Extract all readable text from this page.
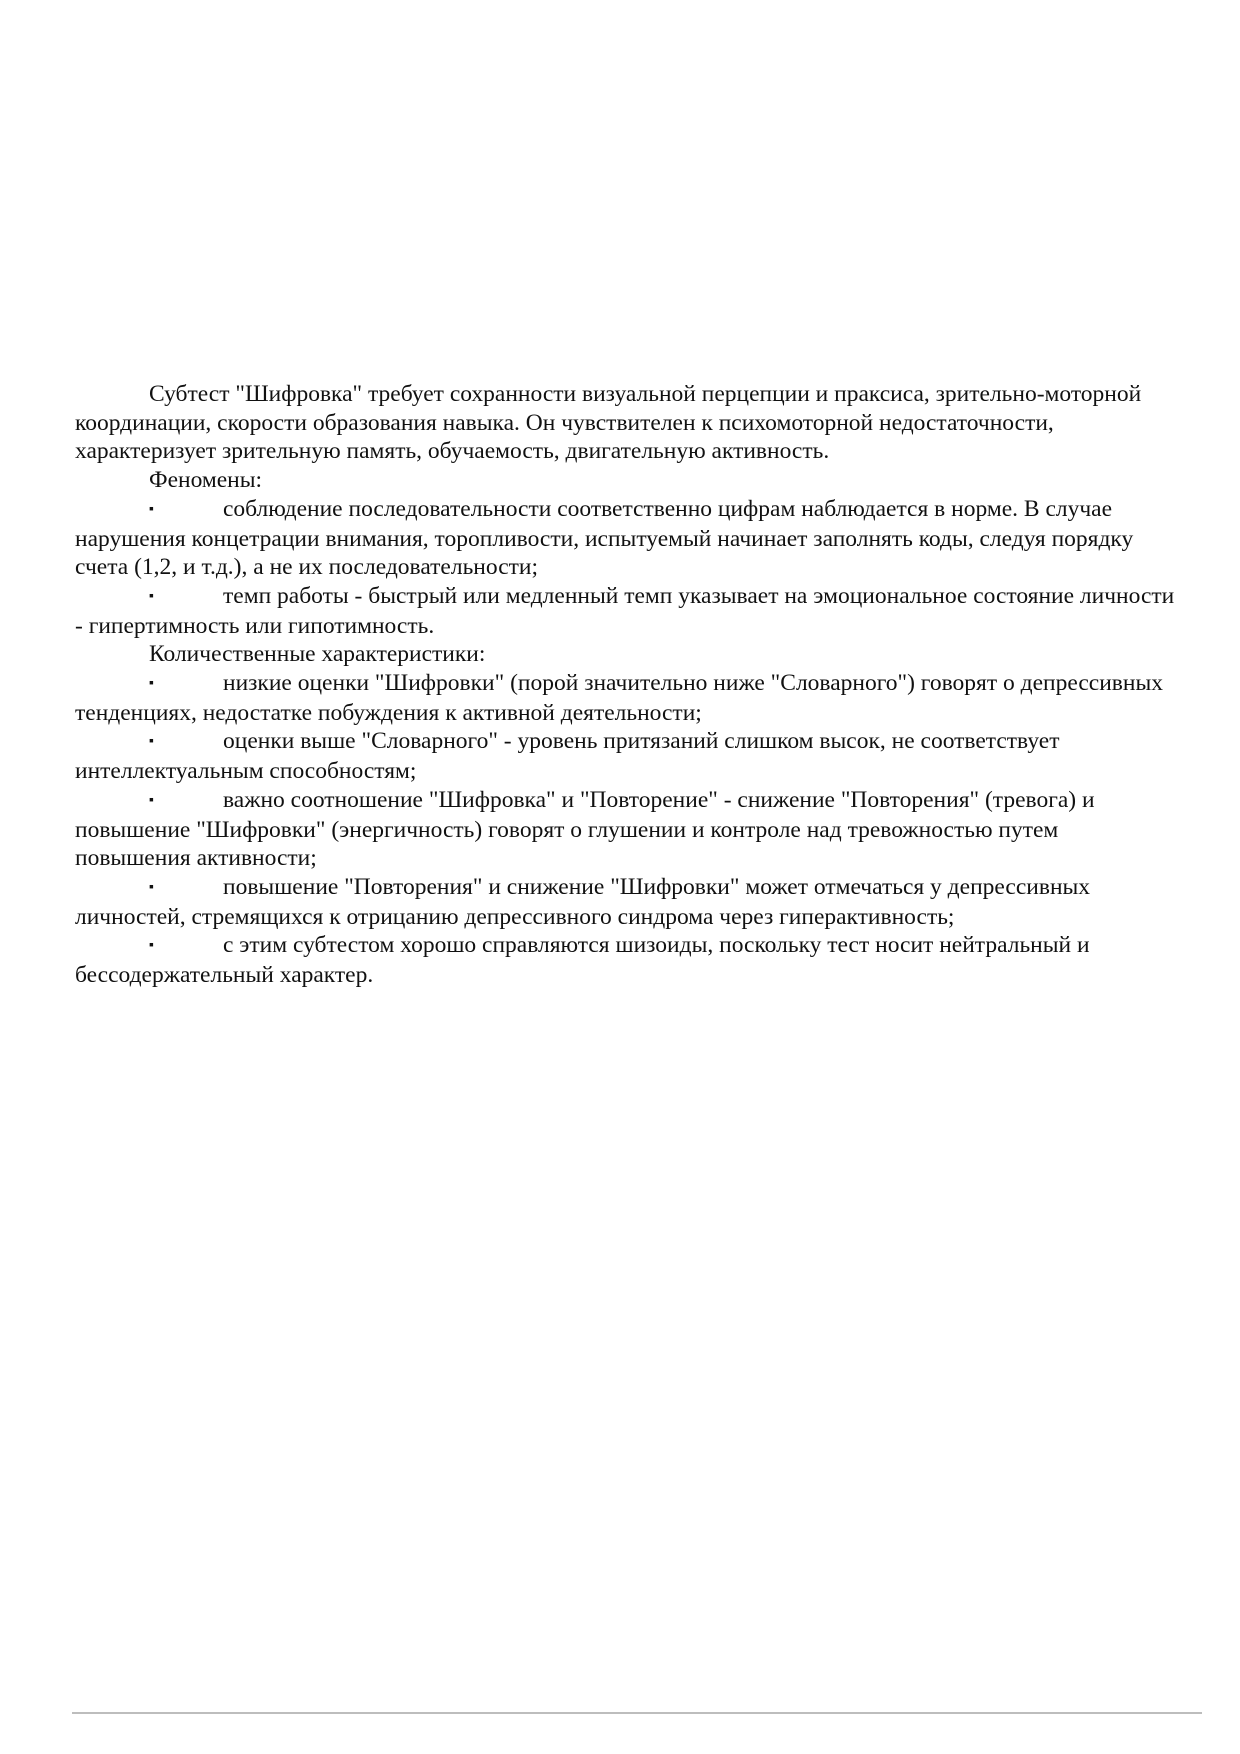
Субтест "Шифровка" требует сохранности визуальной перцепции и праксиса, зрительно-моторной координации, скорости образования навыка. Он чувствителен к психомоторной недостаточности, характеризует зрительную память, обучаемость, двигательную активность.

Феномены:

▪	соблюдение последовательности соответственно цифрам наблюдается в норме. В случае нарушения концетрации внимания, торопливости, испытуемый начинает заполнять коды, следуя порядку счета (1,2, и т.д.), а не их последовательности;

▪	темп работы - быстрый или медленный темп указывает на эмоциональное состояние личности - гипертимность или гипотимность.

Количественные характеристики:

▪	низкие оценки "Шифровки" (порой значительно ниже "Словарного") говорят о депрессивных тенденциях, недостатке побуждения к активной деятельности;

▪	оценки выше "Словарного" - уровень притязаний слишком высок, не соответствует интеллектуальным способностям;

▪	важно соотношение "Шифровка" и "Повторение" - снижение "Повторения" (тревога) и повышение "Шифровки" (энергичность) говорят о глушении и контроле над тревожностью путем повышения активности;

▪	повышение "Повторения" и снижение "Шифровки" может отмечаться у депрессивных личностей, стремящихся к отрицанию депрессивного синдрома через гиперактивность;

▪	с этим субтестом хорошо справляются шизоиды, поскольку тест носит нейтральный и бессодержательный характер.
